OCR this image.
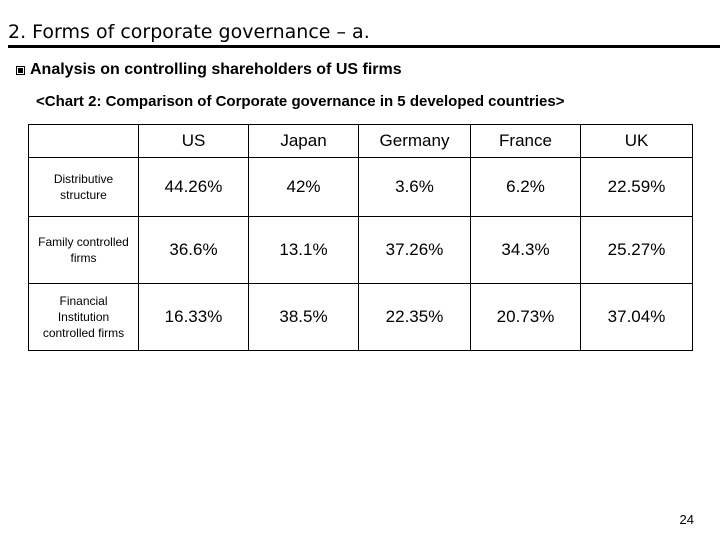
2. Forms of corporate governance – a.
Analysis on controlling shareholders of US firms
<Chart 2: Comparison of Corporate governance in 5 developed countries>
	US	Japan	Germany	France	UK
Distributive structure	44.26%	42%	3.6%	6.2%	22.59%
Family controlled firms	36.6%	13.1%	37.26%	34.3%	25.27%
Financial Institution controlled firms	16.33%	38.5%	22.35%	20.73%	37.04%
24
